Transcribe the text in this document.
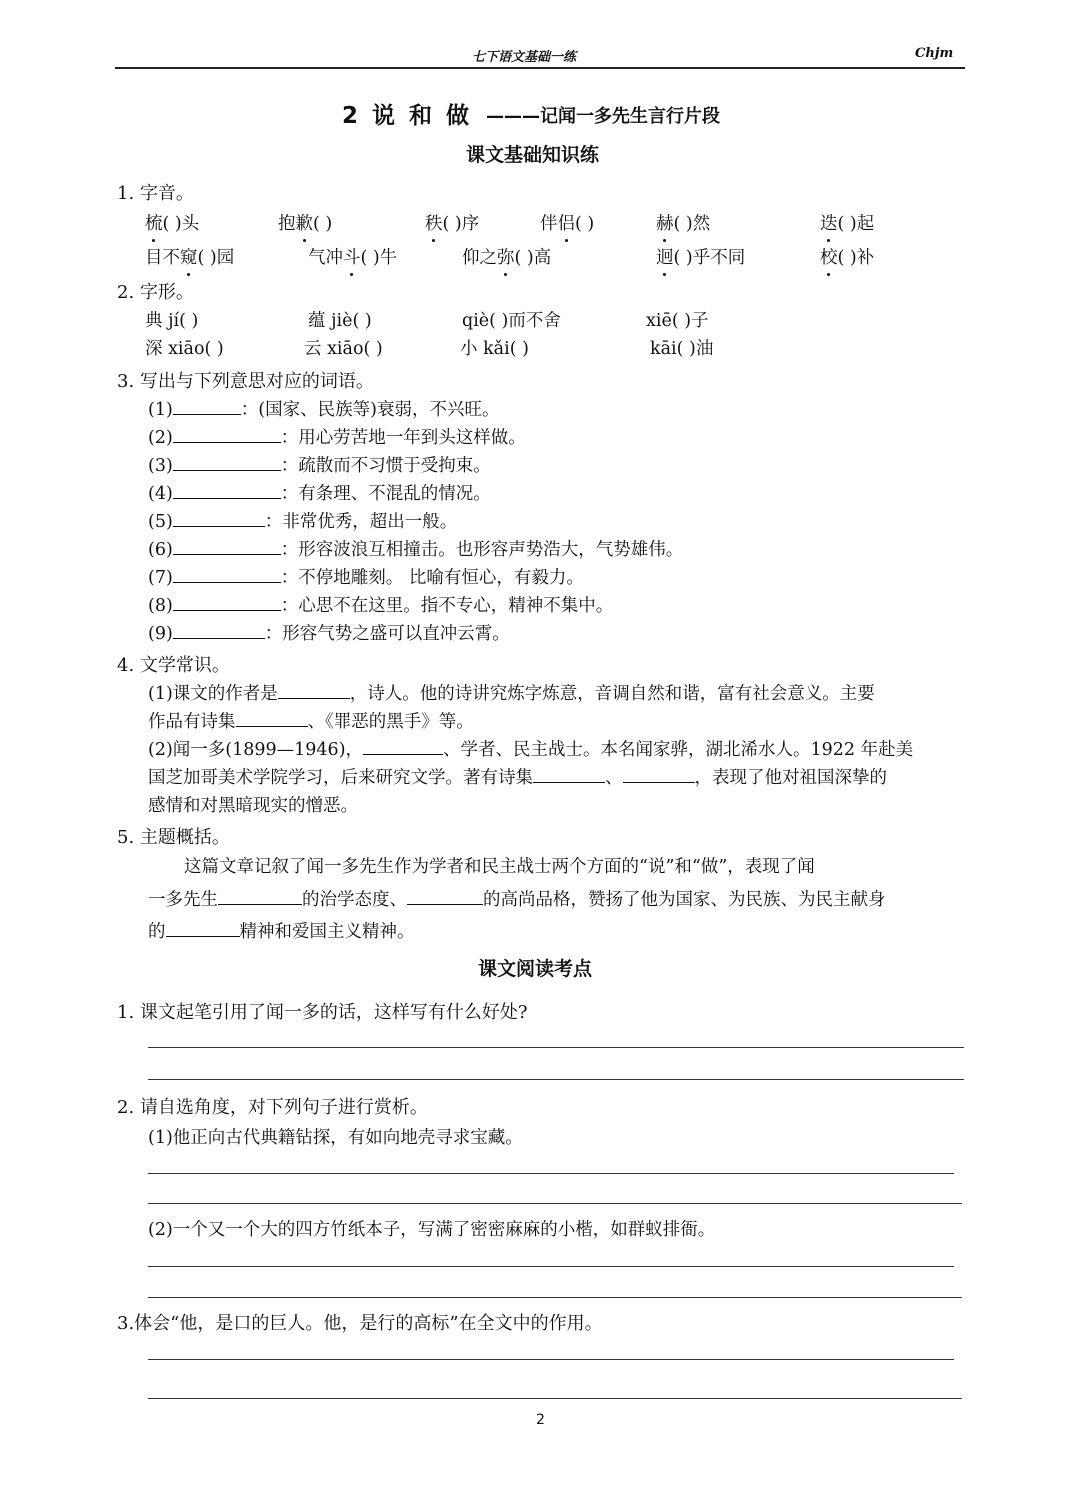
七下语文基础一练	Chjm
2 说 和 做 ———记闻一多先生言行片段
课文基础知识练
1. 字音。
梳( )头	抱歉( )	秩( )序	伴侣( )	赫( )然	迭( )起
目不窥( )园	气冲斗( )牛	仰之弥( )高	迥( )乎不同	校( )补
2. 字形。
典 jí( )	蕴 jiè( )	qiè( )而不舍	xiē( )子
深 xiāo( )	云 xiāo( )	小 kǎi( )	kāi( )油
3. 写出与下列意思对应的词语。
(1)	：(国家、民族等)衰弱，不兴旺。
(2)	：用心劳苦地一年到头这样做。
(3)	：疏散而不习惯于受拘束。
(4)	：有条理、不混乱的情况。
(5)	：非常优秀，超出一般。
(6)	：形容波浪互相撞击。也形容声势浩大，气势雄伟。
(7)	：不停地雕刻。 比喻有恒心，有毅力。
(8)	：心思不在这里。指不专心，精神不集中。
(9)	：形容气势之盛可以直冲云霄。
4. 文学常识。
(1)课文的作者是	，诗人。他的诗讲究炼字炼意，音调自然和谐，富有社会意义。主要
作品有诗集	、《罪恶的黑手》等。
(2)闻一多(1899—1946)，	、学者、民主战士。本名闻家骅，湖北浠水人。1922 年赴美
国芝加哥美术学院学习，后来研究文学。著有诗集	、	，表现了他对祖国深挚的
感情和对黑暗现实的憎恶。
5. 主题概括。
这篇文章记叙了闻一多先生作为学者和民主战士两个方面的“说”和“做”，表现了闻
一多先生	的治学态度、	的高尚品格，赞扬了他为国家、为民族、为民主献身
的	精神和爱国主义精神。
课文阅读考点
1. 课文起笔引用了闻一多的话，这样写有什么好处?
2. 请自选角度，对下列句子进行赏析。
(1)他正向古代典籍钻探，有如向地壳寻求宝藏。
(2)一个又一个大的四方竹纸本子，写满了密密麻麻的小楷，如群蚁排衙。
3.体会“他，是口的巨人。他，是行的高标”在全文中的作用。
2
